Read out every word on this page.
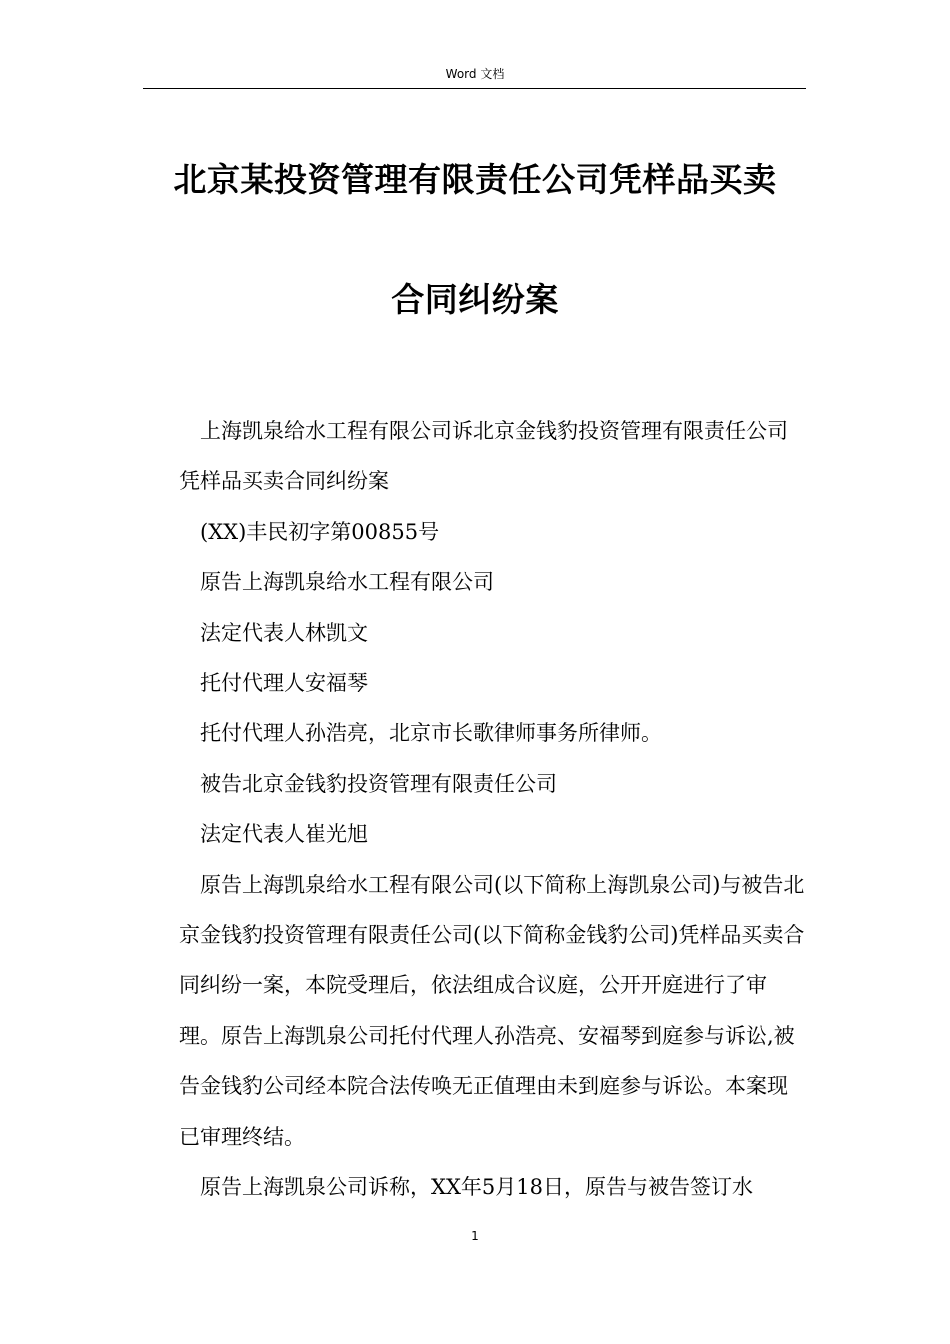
Word 文档
北京某投资管理有限责任公司凭样品买卖
合同纠纷案

上海凯泉给水工程有限公司诉北京金钱豹投资管理有限责任公司凭样品买卖合同纠纷案

(XX)丰民初字第00855号

原告上海凯泉给水工程有限公司

法定代表人林凯文

托付代理人安福琴

托付代理人孙浩亮，北京市长歌律师事务所律师。

被告北京金钱豹投资管理有限责任公司

法定代表人崔光旭

原告上海凯泉给水工程有限公司(以下简称上海凯泉公司)与被告北京金钱豹投资管理有限责任公司(以下简称金钱豹公司)凭样品买卖合同纠纷一案，本院受理后，依法组成合议庭，公开开庭进行了审理。原告上海凯泉公司托付代理人孙浩亮、安福琴到庭参与诉讼,被告金钱豹公司经本院合法传唤无正值理由未到庭参与诉讼。本案现已审理终结。

原告上海凯泉公司诉称，XX年5月18日，原告与被告签订水

1
